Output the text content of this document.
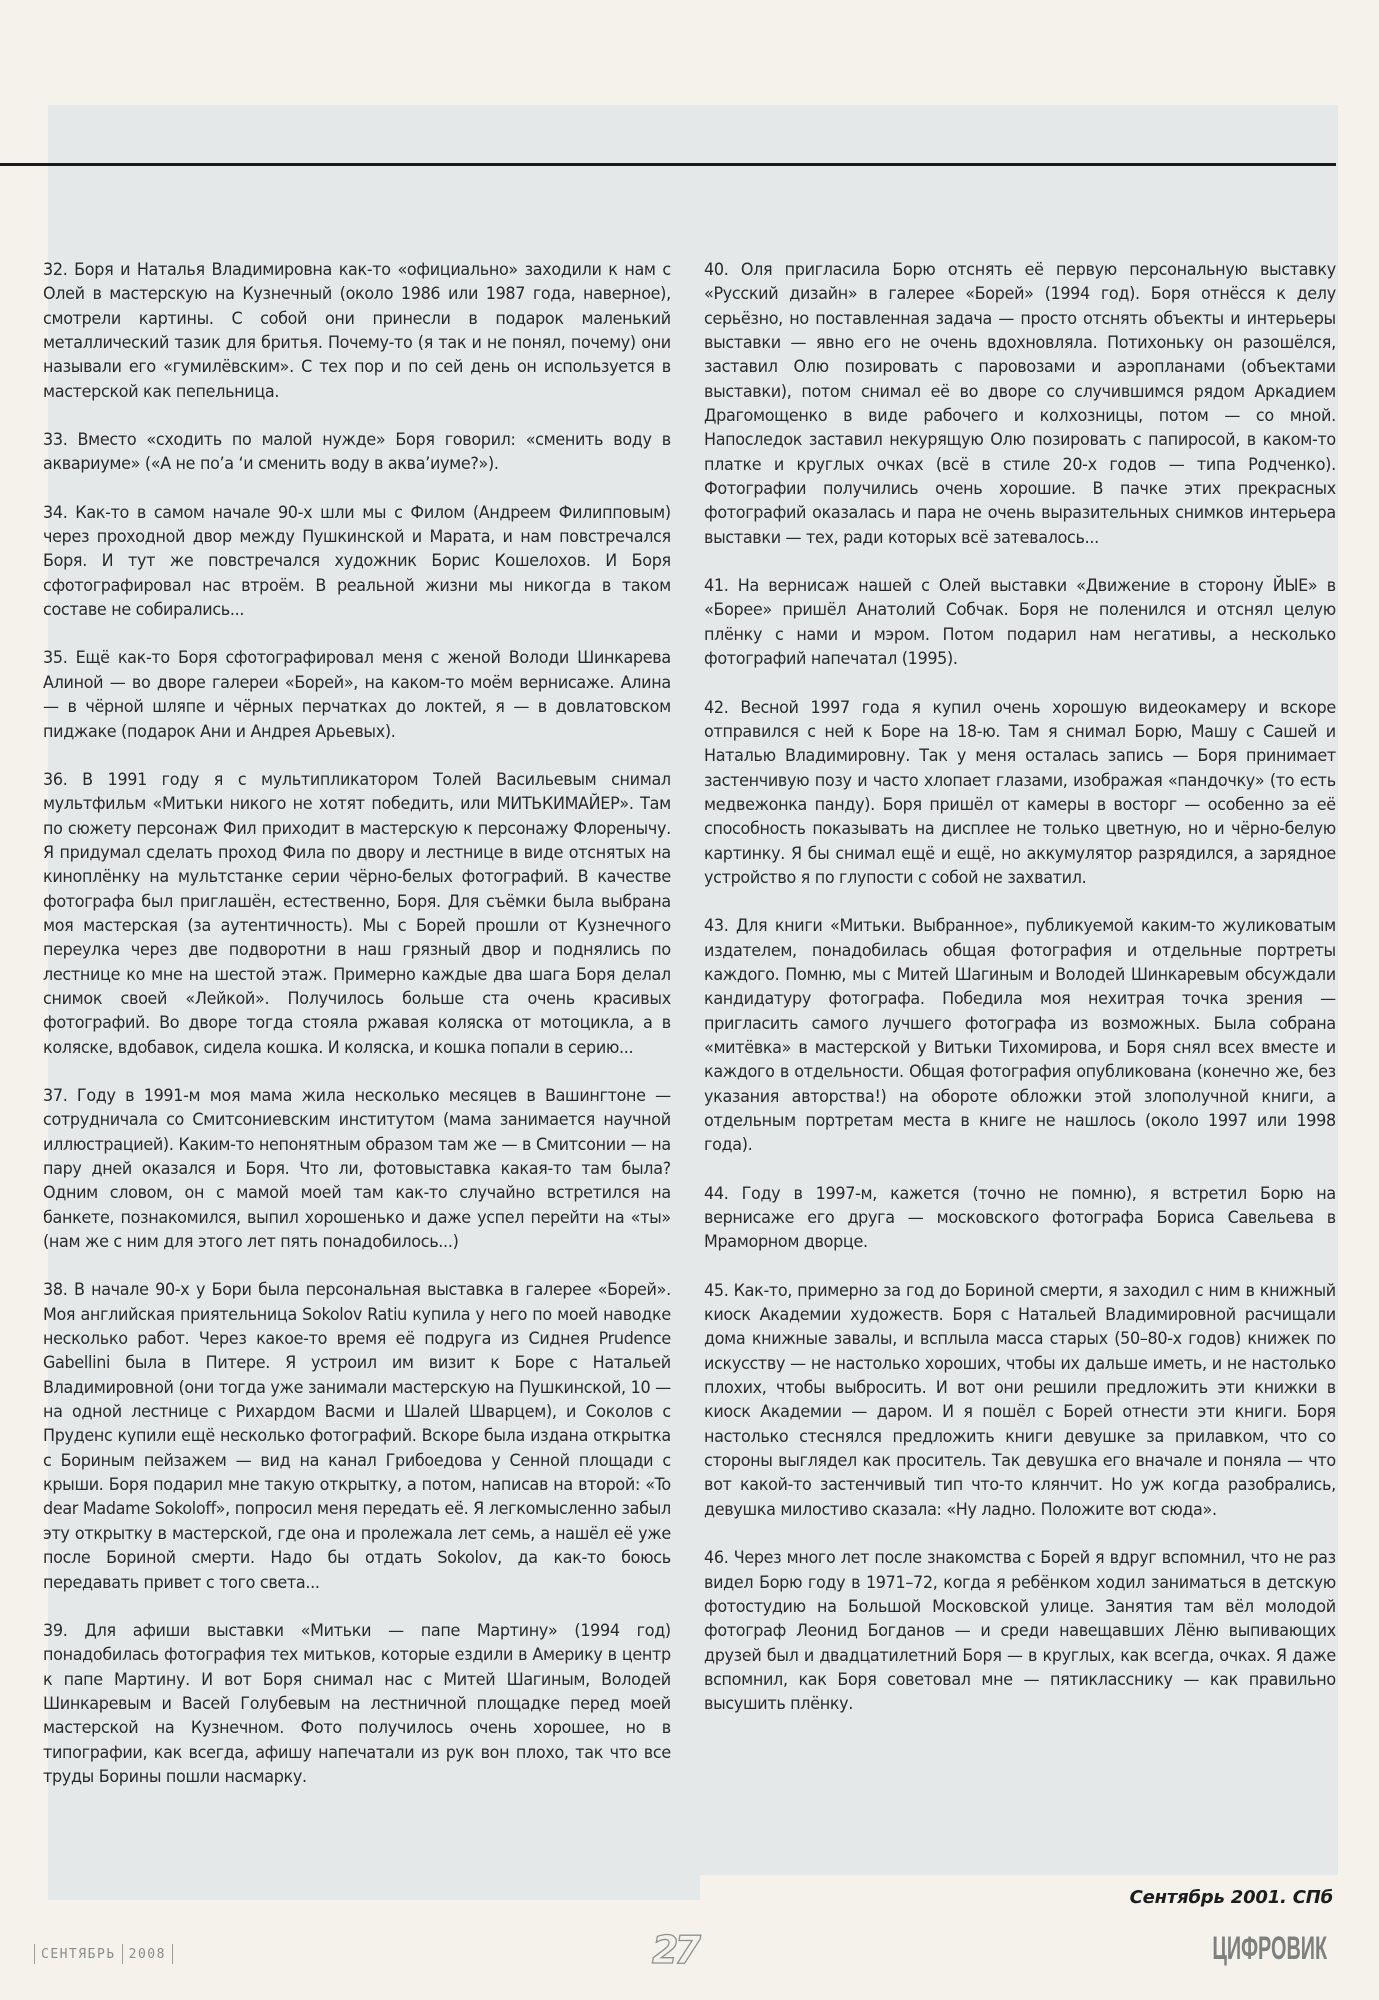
32. Боря и Наталья Владимировна как-то «официально» заходили к нам с Олей в мастерскую на Кузнечный (около 1986 или 1987 года, наверное), смотрели картины. С собой они принесли в подарок маленький металлический тазик для бритья. Почему-то (я так и не понял, почему) они называли его «гумилёвским». С тех пор и по сей день он используется в мастерской как пепельница.

33. Вместо «сходить по малой нужде» Боря говорил: «сменить воду в аквариуме» («А не по’а ‘и сменить воду в аква’иуме?»).

34. Как-то в самом начале 90-х шли мы с Филом (Андреем Филипповым) через проходной двор между Пушкинской и Марата, и нам повстречался Боря. И тут же повстречался художник Борис Кошелохов. И Боря сфотографировал нас втроём. В реальной жизни мы никогда в таком составе не собирались...

35. Ещё как-то Боря сфотографировал меня с женой Володи Шинкарева Алиной — во дворе галереи «Борей», на каком-то моём вернисаже. Алина — в чёрной шляпе и чёрных перчатках до локтей, я — в довлатовском пиджаке (подарок Ани и Андрея Арьевых).

36. В 1991 году я с мультипликатором Толей Васильевым снимал мультфильм «Митьки никого не хотят победить, или МИТЬКИМАЙЕР». Там по сюжету персонаж Фил приходит в мастерскую к персонажу Флоренычу. Я придумал сделать проход Фила по двору и лестнице в виде отснятых на киноплёнку на мультстанке серии чёрно-белых фотографий. В качестве фотографа был приглашён, естественно, Боря. Для съёмки была выбрана моя мастерская (за аутентичность). Мы с Борей прошли от Кузнечного переулка через две подворотни в наш грязный двор и поднялись по лестнице ко мне на шестой этаж. Примерно каждые два шага Боря делал снимок своей «Лейкой». Получилось больше ста очень красивых фотографий. Во дворе тогда стояла ржавая коляска от мотоцикла, а в коляске, вдобавок, сидела кошка. И коляска, и кошка попали в серию...

37. Году в 1991-м моя мама жила несколько месяцев в Вашингтоне — сотрудничала со Смитсониевским институтом (мама занимается научной иллюстрацией). Каким-то непонятным образом там же — в Смитсонии — на пару дней оказался и Боря. Что ли, фотовыставка какая-то там была? Одним словом, он с мамой моей там как-то случайно встретился на банкете, познакомился, выпил хорошенько и даже успел перейти на «ты» (нам же с ним для этого лет пять понадобилось...)

38. В начале 90-х у Бори была персональная выставка в галерее «Борей». Моя английская приятельница Sokolov Ratiu купила у него по моей наводке несколько работ. Через какое-то время её подруга из Сиднея Prudence Gabellini была в Питере. Я устроил им визит к Боре с Натальей Владимировной (они тогда уже занимали мастерскую на Пушкинской, 10 — на одной лестнице с Рихардом Васми и Шалей Шварцем), и Соколов с Пруденс купили ещё несколько фотографий. Вскоре была издана открытка с Бориным пейзажем — вид на канал Грибоедова у Сенной площади с крыши. Боря подарил мне такую открытку, а потом, написав на второй: «To dear Madame Sokoloff», попросил меня передать её. Я легкомысленно забыл эту открытку в мастерской, где она и пролежала лет семь, а нашёл её уже после Бориной смерти. Надо бы отдать Sokolov, да как-то боюсь передавать привет с того света...

39. Для афиши выставки «Митьки — папе Мартину» (1994 год) понадобилась фотография тех митьков, которые ездили в Америку в центр к папе Мартину. И вот Боря снимал нас с Митей Шагиным, Володей Шинкаревым и Васей Голубевым на лестничной площадке перед моей мастерской на Кузнечном. Фото получилось очень хорошее, но в типографии, как всегда, афишу напечатали из рук вон плохо, так что все труды Борины пошли насмарку.

40. Оля пригласила Борю отснять её первую персональную выставку «Русский дизайн» в галерее «Борей» (1994 год). Боря отнёсся к делу серьёзно, но поставленная задача — просто отснять объекты и интерьеры выставки — явно его не очень вдохновляла. Потихоньку он разошёлся, заставил Олю позировать с паровозами и аэропланами (объектами выставки), потом снимал её во дворе со случившимся рядом Аркадием Драгомощенко в виде рабочего и колхозницы, потом — со мной. Напоследок заставил некурящую Олю позировать с папиросой, в каком-то платке и круглых очках (всё в стиле 20-х годов — типа Родченко). Фотографии получились очень хорошие. В пачке этих прекрасных фотографий оказалась и пара не очень выразительных снимков интерьера выставки — тех, ради которых всё затевалось...

41. На вернисаж нашей с Олей выставки «Движение в сторону ЙЫЕ» в «Борее» пришёл Анатолий Собчак. Боря не поленился и отснял целую плёнку с нами и мэром. Потом подарил нам негативы, а несколько фотографий напечатал (1995).

42. Весной 1997 года я купил очень хорошую видеокамеру и вскоре отправился с ней к Боре на 18-ю. Там я снимал Борю, Машу с Сашей и Наталью Владимировну. Так у меня осталась запись — Боря принимает застенчивую позу и часто хлопает глазами, изображая «пандочку» (то есть медвежонка панду). Боря пришёл от камеры в восторг — особенно за её способность показывать на дисплее не только цветную, но и чёрно-белую картинку. Я бы снимал ещё и ещё, но аккумулятор разрядился, а зарядное устройство я по глупости с собой не захватил.

43. Для книги «Митьки. Выбранное», публикуемой каким-то жуликоватым издателем, понадобилась общая фотография и отдельные портреты каждого. Помню, мы с Митей Шагиным и Володей Шинкаревым обсуждали кандидатуру фотографа. Победила моя нехитрая точка зрения — пригласить самого лучшего фотографа из возможных. Была собрана «митёвка» в мастерской у Витьки Тихомирова, и Боря снял всех вместе и каждого в отдельности. Общая фотография опубликована (конечно же, без указания авторства!) на обороте обложки этой злополучной книги, а отдельным портретам места в книге не нашлось (около 1997 или 1998 года).

44. Году в 1997-м, кажется (точно не помню), я встретил Борю на вернисаже его друга — московского фотографа Бориса Савельева в Мраморном дворце.

45. Как-то, примерно за год до Бориной смерти, я заходил с ним в книжный киоск Академии художеств. Боря с Натальей Владимировной расчищали дома книжные завалы, и всплыла масса старых (50–80-х годов) книжек по искусству — не настолько хороших, чтобы их дальше иметь, и не настолько плохих, чтобы выбросить. И вот они решили предложить эти книжки в киоск Академии — даром. И я пошёл с Борей отнести эти книги. Боря настолько стеснялся предложить книги девушке за прилавком, что со стороны выглядел как проситель. Так девушка его вначале и поняла — что вот какой-то застенчивый тип что-то клянчит. Но уж когда разобрались, девушка милостиво сказала: «Ну ладно. Положите вот сюда».

46. Через много лет после знакомства с Борей я вдруг вспомнил, что не раз видел Борю году в 1971–72, когда я ребёнком ходил заниматься в детскую фотостудию на Большой Московской улице. Занятия там вёл молодой фотограф Леонид Богданов — и среди навещавших Лёню выпивающих друзей был и двадцатилетний Боря — в круглых, как всегда, очках. Я даже вспомнил, как Боря советовал мне — пятикласснику — как правильно высушить плёнку.

Сентябрь 2001. СПб
СЕНТЯБРЬ 2008	27	ЦИФРОВИК
